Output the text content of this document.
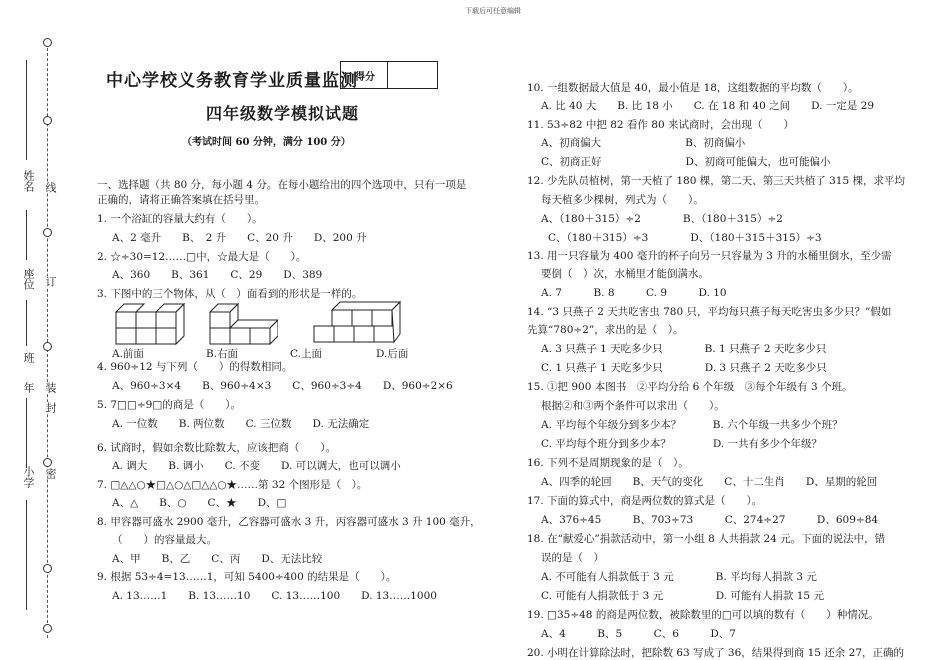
下载后可任意编辑
线
订
装
封
密
姓名
座位
班
年
小学
中心学校义务教育学业质量监测
得分
四年级数学模拟试题
（考试时间 60 分钟，满分 100 分）
一、选择题（共 80 分，每小题 4 分。在每小题给出的四个选项中，只有一项是
正确的，请将正确答案填在括号里。
1. 一个浴缸的容量大约有（　　）。
A、2 毫升　　B、　2 升　　C、20 升　　D、200 升
2. ☆÷30=12……□中，☆最大是（　　）。
A、360　　B、361　　C、29　　D、389
3. 下图中的三个物体，从（　）面看到的形状是一样的。
4. 960÷12 与下列（　　）的得数相同。
A、960÷3×4　　B、960÷4×3　　C、960÷3÷4　　D、960÷2×6
5. 7□□÷9□的商是（　　）。
A. 一位数　　B. 两位数　　C. 三位数　　D. 无法确定
6. 试商时，假如余数比除数大，应该把商（　　）。
A. 调大　　B. 调小　　C. 不变　　D. 可以调大，也可以调小
7. □△△○★□△○△□△△○★……第 32 个图形是（　）。
A、△　　B、○　　C、★　　D、□
8. 甲容器可盛水 2900 毫升，乙容器可盛水 3 升，丙容器可盛水 3 升 100 毫升，
（　　）的容量最大。
A、甲　　B、乙　　C、丙　　D、无法比较
9. 根据 53÷4=13……1，可知 5400÷400 的结果是（　　）。
A. 13……1　　B. 13……10　　C. 13……100　　D. 13……1000
A.前面	B.右面	C.上面	D.后面
10. 一组数据最大值是 40，最小值是 18，这组数据的平均数（　　）。
A. 比 40 大　　B. 比 18 小　　C. 在 18 和 40 之间　　D. 一定是 29
11. 53÷82 中把 82 看作 80 来试商时，会出现（　　）
A、初商偏大　　　　　　　　B、初商偏小
C、初商正好　　　　　　　　D、初商可能偏大，也可能偏小
12. 少先队员植树，第一天植了 180 棵，第二天、第三天共植了 315 棵，求平均
每天植多少棵树，列式为（　　）。
A、（180＋315）÷2　　　　B、（180＋315）÷2
C、（180＋315）÷3　　　　D、（180＋315＋315）÷3
13. 用一只容量为 400 毫升的杯子向另一只容量为 3 升的水桶里倒水，至少需
要倒（　）次，水桶里才能倒满水。
A. 7　　　B. 8　　　C. 9　　　D. 10
14. “3 只燕子 2 天共吃害虫 780 只，平均每只燕子每天吃害虫多少只？”假如
先算“780÷2”，求出的是（　）。
A. 3 只燕子 1 天吃多少只　　　　B. 1 只燕子 2 天吃多少只
C. 1 只燕子 1 天吃多少只　　　　D. 3 只燕子 2 天吃多少只
15. ①把 900 本图书　②平均分给 6 个年级　③每个年级有 3 个班。
根据②和③两个条件可以求出（　　）。
A. 平均每个年级分到多少本？　　　B. 六个年级一共多少个班？
C. 平均每个班分到多少本？　　　　D. 一共有多少个年级？
16. 下列不是周期现象的是（　）。
A、四季的轮回　　B、天气的变化　　C、十二生肖　　D、星期的轮回
17. 下面的算式中，商是两位数的算式是（　　）。
A、376÷45　　　B、703÷73　　　C、274÷27　　　D、609÷84
18. 在“献爱心”捐款活动中，第一小组 8 人共捐款 24 元。下面的说法中，错
误的是（　）
A. 不可能有人捐款低于 3 元　　　　B. 平均每人捐款 3 元
C. 可能有人捐款低于 3 元　　　　　D. 可能有人捐款 15 元
19. □35÷48 的商是两位数，被除数里的□可以填的数有（　　）种情况。
A、4　　　B、5　　　C、6　　　D、7
20. 小明在计算除法时，把除数 63 写成了 36，结果得到商 15 还余 27，正确的
